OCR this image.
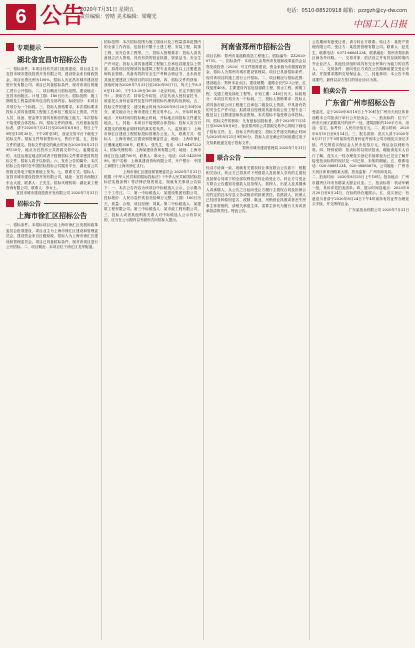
6 公告
2020年7月31日 星期五
责任编辑：曾晴 美术编辑：梁曙光
电话：0510-88520918 邮箱：pzzgzh@cy-dw.com
中国工人日报
专项提示
湖北省宜昌市招标公告
一、招标条件。本项目经有关部门批准建设，项目业主为宜昌市城市建设投资开发有限公司，建设资金来自财政资金，项目出资比例为100%，招标人为宜昌市城市建设投资开发有限公司。项目已具备招标条件，现对该项目的施工进行公开招标。二、项目概况与招标范围。建设地点：宜昌市西陵区。计划工期：180日历天。招标范围：施工图纸及工程量清单所包含的全部内容。标段划分：本项目共划分为一个标段。三、投标人资格要求。本次招标要求投标人须具备建筑工程施工总承包三级及以上资质，并在人员、设备、资金等方面具有相应的施工能力。本次招标不接受联合体投标。四、招标文件的获取。凡有意参加投标者，请于2020年7月31日至2020年8月6日，每日上午9时至11时30分，下午2时至5时，登录交易平台下载电子招标文件。招标文件每套售价0元，售后不退。五、投标文件的递交。投标文件递交的截止时间为2020年8月21日9时30分，地点为宜昌市公共资源交易中心。逾期送达的、未送达指定地点的或者不按照招标文件要求密封的投标文件，招标人将予以拒收。六、发布公告的媒介。本次招标公告同时在中国招标投标公共服务平台、湖北省公共资源交易电子服务系统上发布。七、联系方式。招标人：宜昌市城市建设投资开发有限公司，地址：宜昌市西陵区东山大道，联系人：王先生。招标代理机构：湖北某工程咨询有限公司，联系人：李女士。
宜昌市城市建设投资开发有限公司 2020年7月31日
招标公告
上海市徐汇区招标公告
一、招标条件。本招标项目已由上海市徐汇区发展和改革委员会批准建设，项目业主为上海市徐汇区建设和管理委员会，建设资金来自区级财政，招标人为上海市徐汇区建设和管理委员会。项目已具备招标条件，现对该项目进行公开招标。二、项目概况：本项目位于徐汇区龙华街道。
招标范围：本次招标范围为施工图设计及工程量清单范围内的全部工作内容，包括但不限于土建工程、安装工程、装饰工程、室外总体工程等。三、投标人资格要求：投标人须具备独立法人资格，具有有效的营业执照、资质证书、安全生产许可证；投标人须具备建筑工程施工总承包贰级及以上资质；拟派项目经理须具备建筑工程专业贰级及以上注册建造师执业资格，具备有效的安全生产考核合格证书，且未担任其他在建建设工程项目的项目经理。四、招标文件的获取：获取时间为2020年7月31日至2020年8月7日，每天上午8:30至11:30，下午13:30至16:30（北京时间，法定节假日除外）。获取方式：持单位介绍信、法定代表人授权委托书、被委托人身份证原件及复印件到招标代理机构处获取。五、投标文件的递交：递交截止时间为2020年8月20日10时00分，递交地点为上海市建设工程交易中心。六、开标时间及地点：开标时间同投标截止时间，开标地点同投标文件递交地点。七、其他：本项目不接受联合体投标；投标人应当对其提交的资格证明材料的真实性负责。八、监督部门：上海市徐汇区建设工程招标投标管理办公室。九、联系方式：招标人：上海市徐汇区建设和管理委员会，地址：上海市徐汇区漕溪北路336号，联系人：张先生，电话：021-64872222。招标代理机构：上海某建设咨询有限公司，地址：上海市徐汇区宜山路700号，联系人：陈女士，电话：021-54259999。账户名称：上海某建设咨询有限公司，开户银行：中国工商银行上海市徐汇支行。
上海市徐汇区建设和管理委员会 2020年7月31日
根据《中华人民共和国招标投标法》《中华人民共和国招标投标法实施条例》等法律法规的规定，现就有关事项公告如下：一、本次公告内容为该项目中标候选人公示，公示期为三个工作日。二、第一中标候选人：某建设集团有限公司，投标报价：人民币壹仟贰佰叁拾肆万元整，工期：180日历天，质量：合格，项目经理：刘某。第二中标候选人：某建筑工程有限公司。第三中标候选人：某市政工程有限公司。三、投标人或者其他利害关系人对中标候选人公示有异议的，应当在公示期内以书面形式向招标人提出。
河南省郑州市招标公告
项目名称：郑州市某道路改造工程施工。招标编号：ZZ2020-0731。一、招标条件：本项目已由郑州市发展和改革委员会以郑发改投资〔2020〕号文件批准建设，资金来源为市级财政资金，招标人为郑州市城市建设管理局。项目已具备招标条件，现对该项目的施工进行公开招标。二、项目概况与招标范围：建设地点：郑州市金水区。建设规模：道路全长约2.3公里，红线宽度40米，主要建设内容包括道路工程、排水工程、照明工程、交通工程及绿化工程等。计划工期：240日历天。标段划分：本项目共划分为一个标段。三、投标人资格要求：投标人须具备市政公用工程施工总承包二级及以上资质，并具备有效的安全生产许可证；拟派项目经理须具备市政公用工程专业二级及以上注册建造师执业资格。本次招标不接受联合体投标。四、招标文件的获取：凡有意参加投标者，请于2020年7月31日至2020年8月6日，登录郑州市公共资源交易中心网站下载电子招标文件。五、投标文件的递交：投标文件递交的截止时间为2020年8月21日9时00分，投标人应在截止时间前通过电子交易系统递交电子投标文件。
郑州市城市建设管理局 2020年7月31日
联合公告
经双方协商一致，现就有关债权转让事宜联合公告如下：根据相关协议，转让方已将其对下列借款人及担保人享有的主债权及担保合同项下的全部权利依法转让给受让方。转让方与受让方联合公告通知各借款人及担保人、抵押人、出质人及其继承人或承继人，从公告之日起向受让方履行主债权合同及担保合同约定的还本付息义务或相应的担保责任。若借款人、担保人已经因各种原因更名、改制、歇业、吊销营业执照或者丧失民事主体资格的，请相关承债主体、清算主体代为履行义务或者承担清算责任。特此公告。
公告期间有意受让者，请与转让方联系。转让方：某资产管理有限公司，受让方：某投资管理有限公司。联系人：赵先生，联系电话：0371-66661234，联系地址：郑州市郑东新区商务外环路。一、交易对象：依法设立并有效存续的境内外企业法人、其他经济组织或具有完全民事行为能力的自然人。二、交易条件：意向受让方须在公告期满前提交受让申请，并按要求缴纳交易保证金。三、其他事项：本公告不构成要约，最终以双方签订的转让协议为准。
拍卖公告
广东省广州市招标公告
受委托，定于2020年8月18日上午10时在广州市天河区体育西路本公司拍卖厅举行公开拍卖会。一、拍卖标的：位于广州市天河区某路某号的房产一处，建筑面积约120平方米，用途：住宅，参考价：人民币叁佰万元。二、展示时间：2020年8月10日至8月14日。三、报名须知：竞买人须于2020年8月17日下午5时前持有效身份证件到本公司办理竞买登记手续，并交纳竞买保证金人民币伍拾万元，保证金以到账为准。四、特别说明：拍卖标的以现状拍卖，瑕疵请竞买人自行了解，竞买人一经办理竞买登记手续即视为已完全了解并接受拍卖标的的现状及一切已知、未知的瑕疵。五、联系电话：020-38881234、020-38885678。公司地址：广州市天河区体育西路某大厦。拍卖监督：广州市商务局。
二、拍卖时间：2020年8月25日上午10时。拍卖地点：广州市越秀区环市东路某大厦会议室。三、拍卖标的：机动车辆一批，具体详见拍卖清单。四、展示时间及地点：2020年8月20日至8月24日，在标的所在地展示。五、竞买登记：有意竞买者请于2020年8月24日下午4时前持有效证件办理竞买手续，并交纳保证金。
广东某拍卖有限公司 2020年7月31日
